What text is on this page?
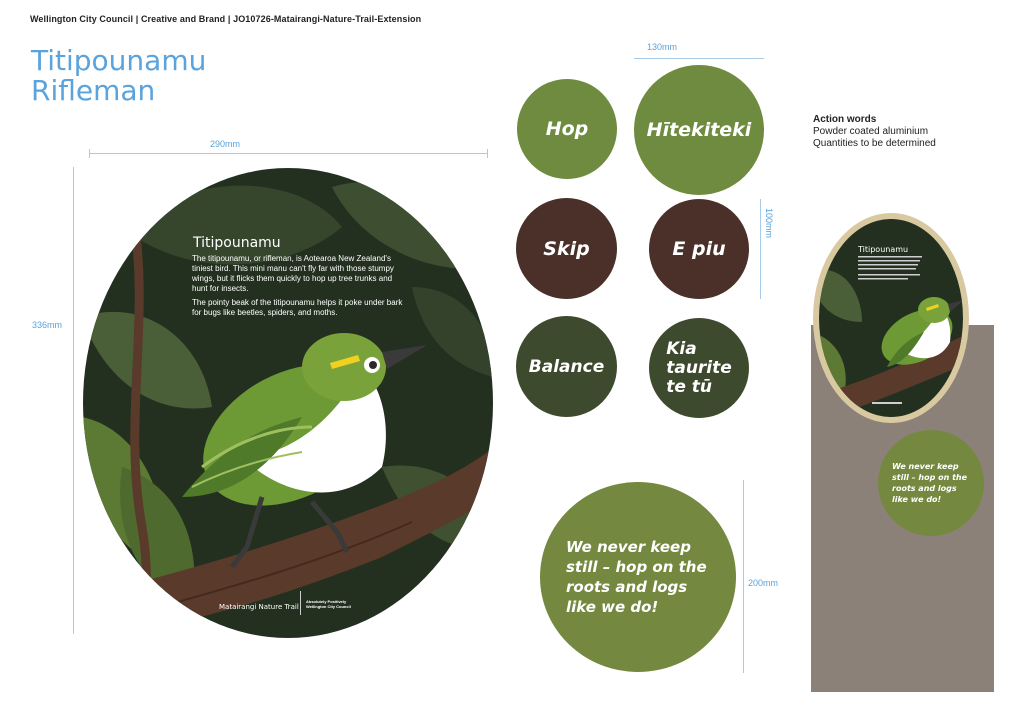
Wellington City Council | Creative and Brand | JO10726-Matairangi-Nature-Trail-Extension
Titipounamu
Rifleman
290mm
336mm
Titipounamu
The titipounamu, or rifleman, is Aotearoa New Zealand's tiniest bird. This mini manu can't fly far with those stumpy wings, but it flicks them quickly to hop up tree trunks and hunt for insects.
The pointy beak of the titipounamu helps it poke under bark for bugs like beetles, spiders, and moths.
Matairangi Nature Trail
Absolutely Positively Wellington City Council
130mm
Hop	Hītekiteki
Skip	E piu
Balance
Kia taurite te tū
100mm
We never keep still – hop on the roots and logs like we do!
200mm
Action words
Powder coated aluminium
Quantities to be determined
Titipounamu
We never keep still – hop on the roots and logs like we do!
